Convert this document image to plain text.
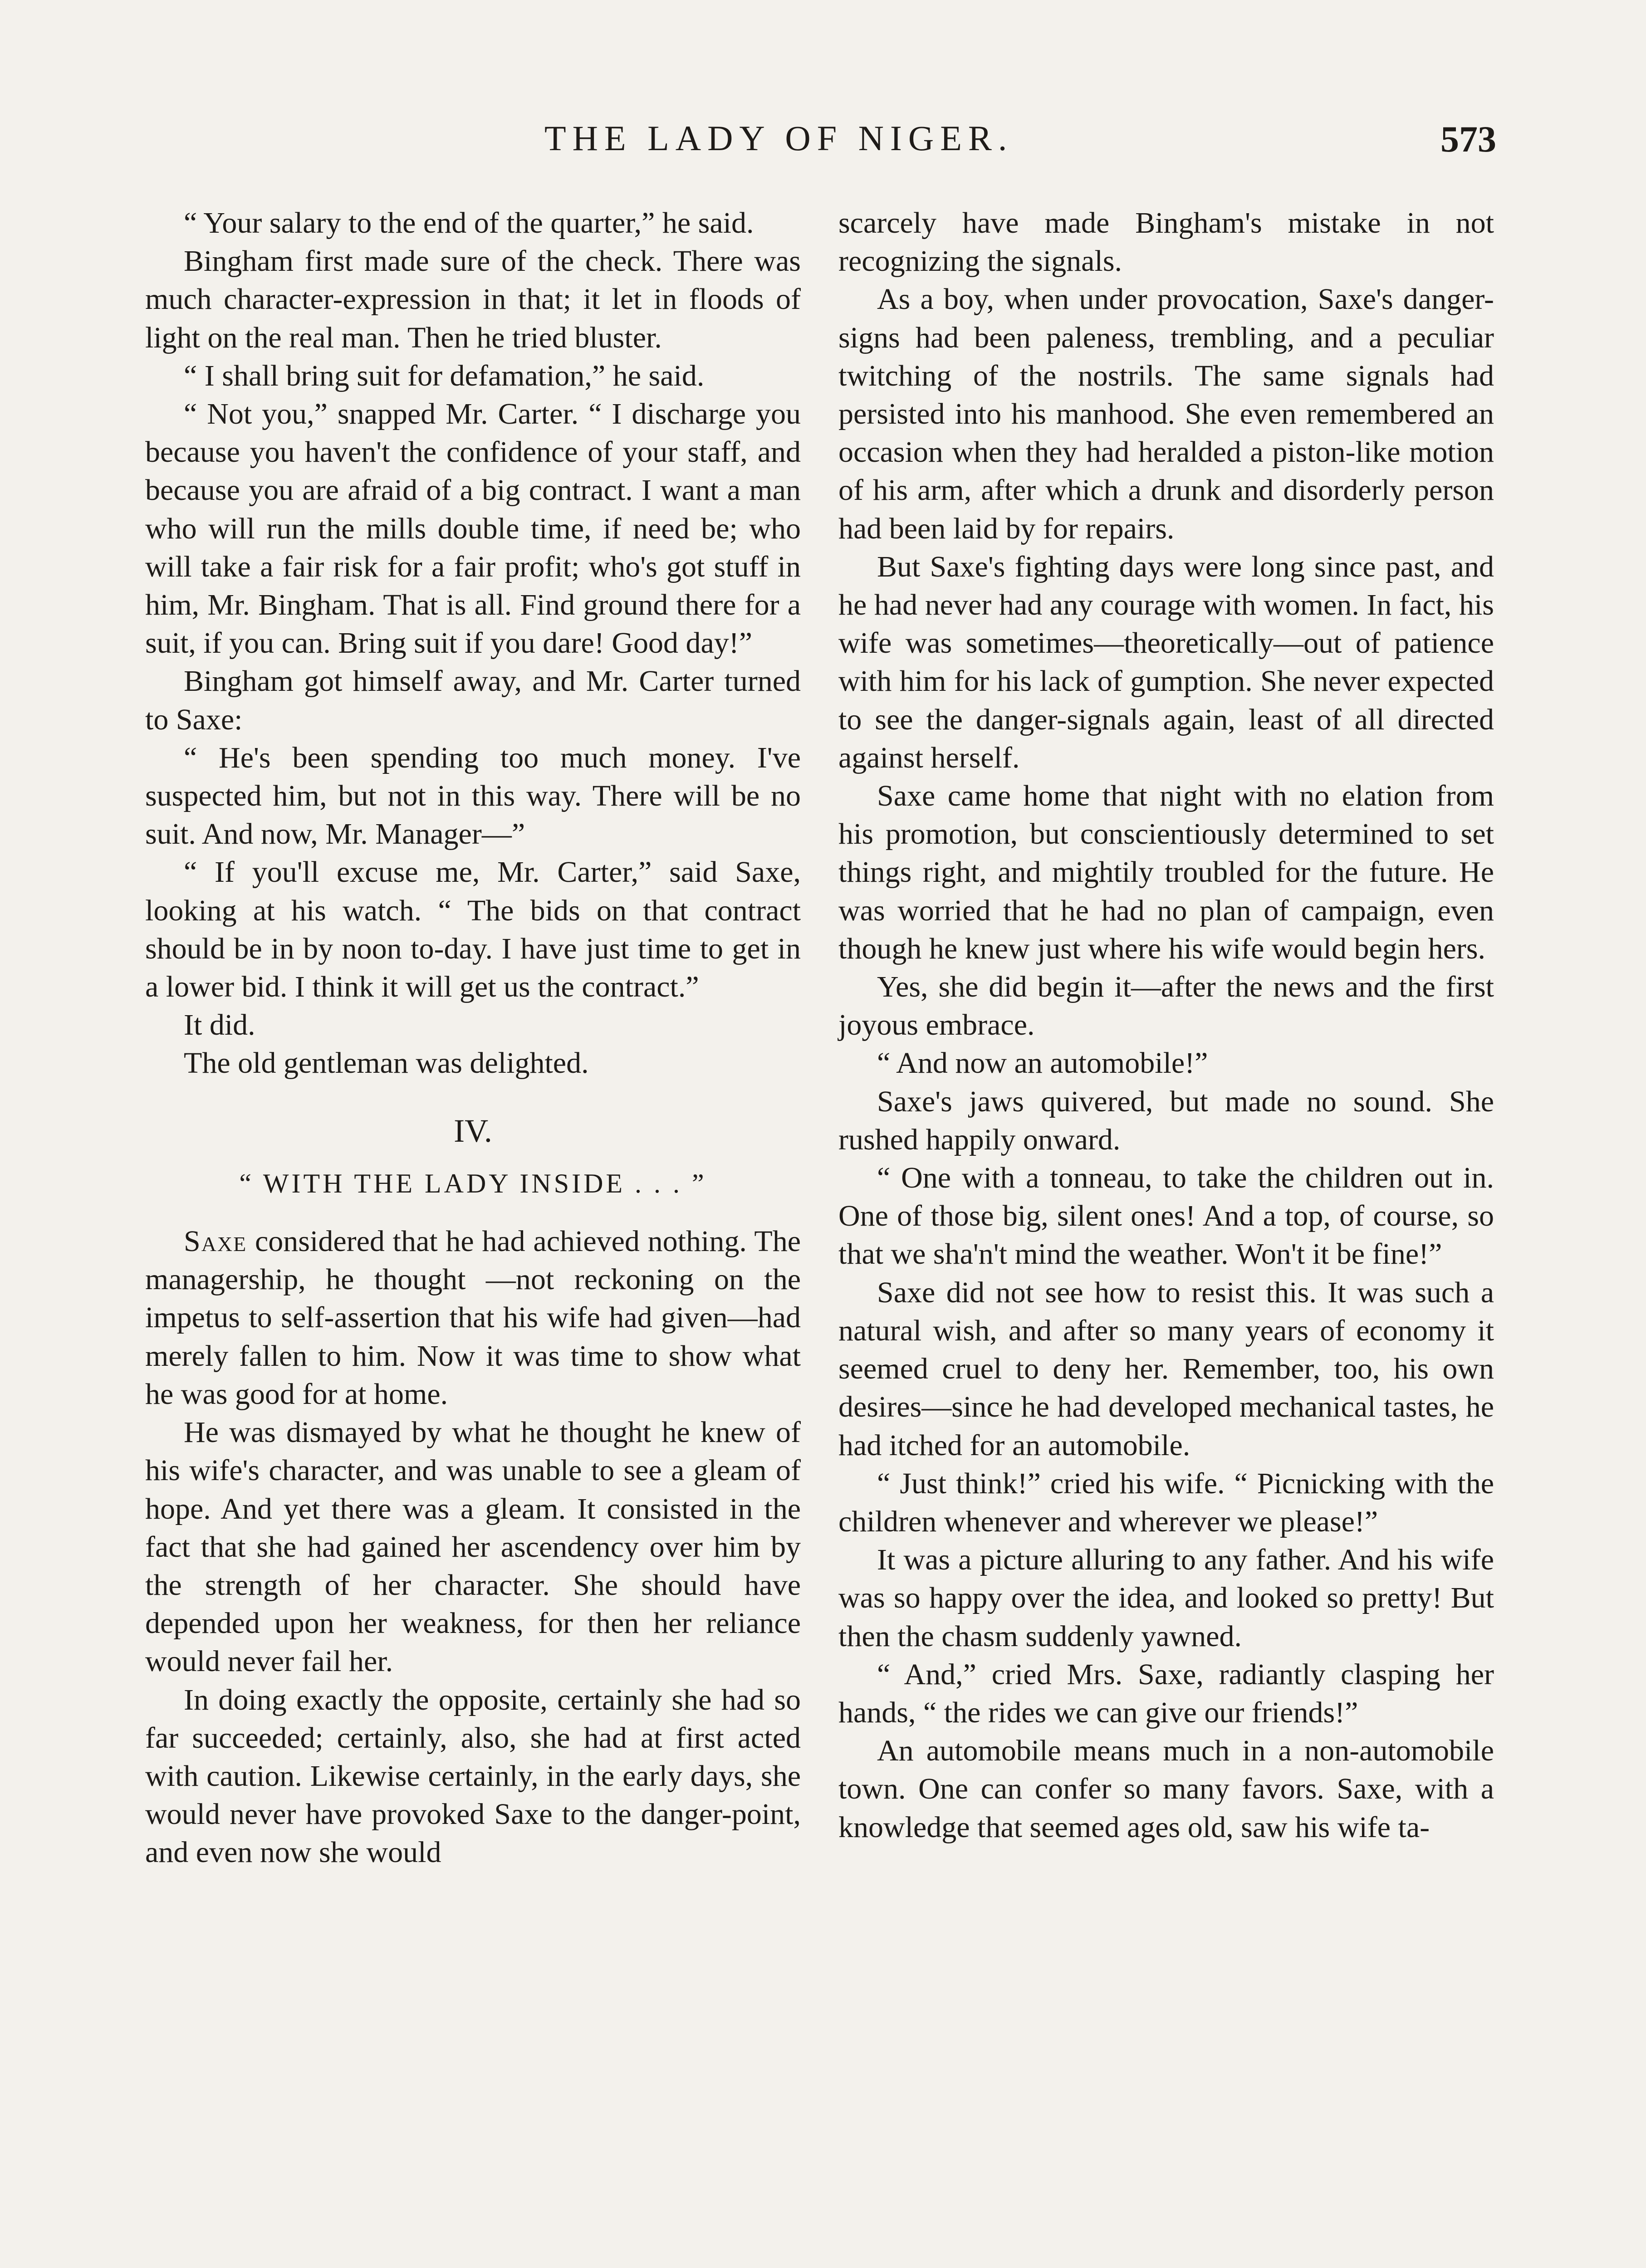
THE LADY OF NIGER.	573

“ Your salary to the end of the quarter,” he said.

Bingham first made sure of the check. There was much character-expression in that; it let in floods of light on the real man. Then he tried bluster.

“ I shall bring suit for defamation,” he said.

“ Not you,” snapped Mr. Carter. “ I discharge you because you haven't the confidence of your staff, and because you are afraid of a big contract. I want a man who will run the mills double time, if need be; who will take a fair risk for a fair profit; who's got stuff in him, Mr. Bingham. That is all. Find ground there for a suit, if you can. Bring suit if you dare! Good day!”

Bingham got himself away, and Mr. Carter turned to Saxe:

“ He's been spending too much money. I've suspected him, but not in this way. There will be no suit. And now, Mr. Manager—”

“ If you'll excuse me, Mr. Carter,” said Saxe, looking at his watch. “ The bids on that contract should be in by noon to-day. I have just time to get in a lower bid. I think it will get us the contract.”

It did.

The old gentleman was delighted.

IV.
“ WITH THE LADY INSIDE . . . ”

Saxe considered that he had achieved nothing. The managership, he thought —not reckoning on the impetus to self-assertion that his wife had given—had merely fallen to him. Now it was time to show what he was good for at home.

He was dismayed by what he thought he knew of his wife's character, and was unable to see a gleam of hope. And yet there was a gleam. It consisted in the fact that she had gained her ascendency over him by the strength of her character. She should have depended upon her weakness, for then her reliance would never fail her.

In doing exactly the opposite, certainly she had so far succeeded; certainly, also, she had at first acted with caution. Likewise certainly, in the early days, she would never have provoked Saxe to the danger-point, and even now she would

scarcely have made Bingham's mistake in not recognizing the signals.

As a boy, when under provocation, Saxe's danger-signs had been paleness, trembling, and a peculiar twitching of the nostrils. The same signals had persisted into his manhood. She even remembered an occasion when they had heralded a piston-like motion of his arm, after which a drunk and disorderly person had been laid by for repairs.

But Saxe's fighting days were long since past, and he had never had any courage with women. In fact, his wife was sometimes—theoretically—out of patience with him for his lack of gumption. She never expected to see the danger-signals again, least of all directed against herself.

Saxe came home that night with no elation from his promotion, but conscientiously determined to set things right, and mightily troubled for the future. He was worried that he had no plan of campaign, even though he knew just where his wife would begin hers.

Yes, she did begin it—after the news and the first joyous embrace.

“ And now an automobile!”

Saxe's jaws quivered, but made no sound. She rushed happily onward.

“ One with a tonneau, to take the children out in. One of those big, silent ones! And a top, of course, so that we sha'n't mind the weather. Won't it be fine!”

Saxe did not see how to resist this. It was such a natural wish, and after so many years of economy it seemed cruel to deny her. Remember, too, his own desires—since he had developed mechanical tastes, he had itched for an automobile.

“ Just think!” cried his wife. “ Picnicking with the children whenever and wherever we please!”

It was a picture alluring to any father. And his wife was so happy over the idea, and looked so pretty! But then the chasm suddenly yawned.

“ And,” cried Mrs. Saxe, radiantly clasping her hands, “ the rides we can give our friends!”

An automobile means much in a non-automobile town. One can confer so many favors. Saxe, with a knowledge that seemed ages old, saw his wife ta-
